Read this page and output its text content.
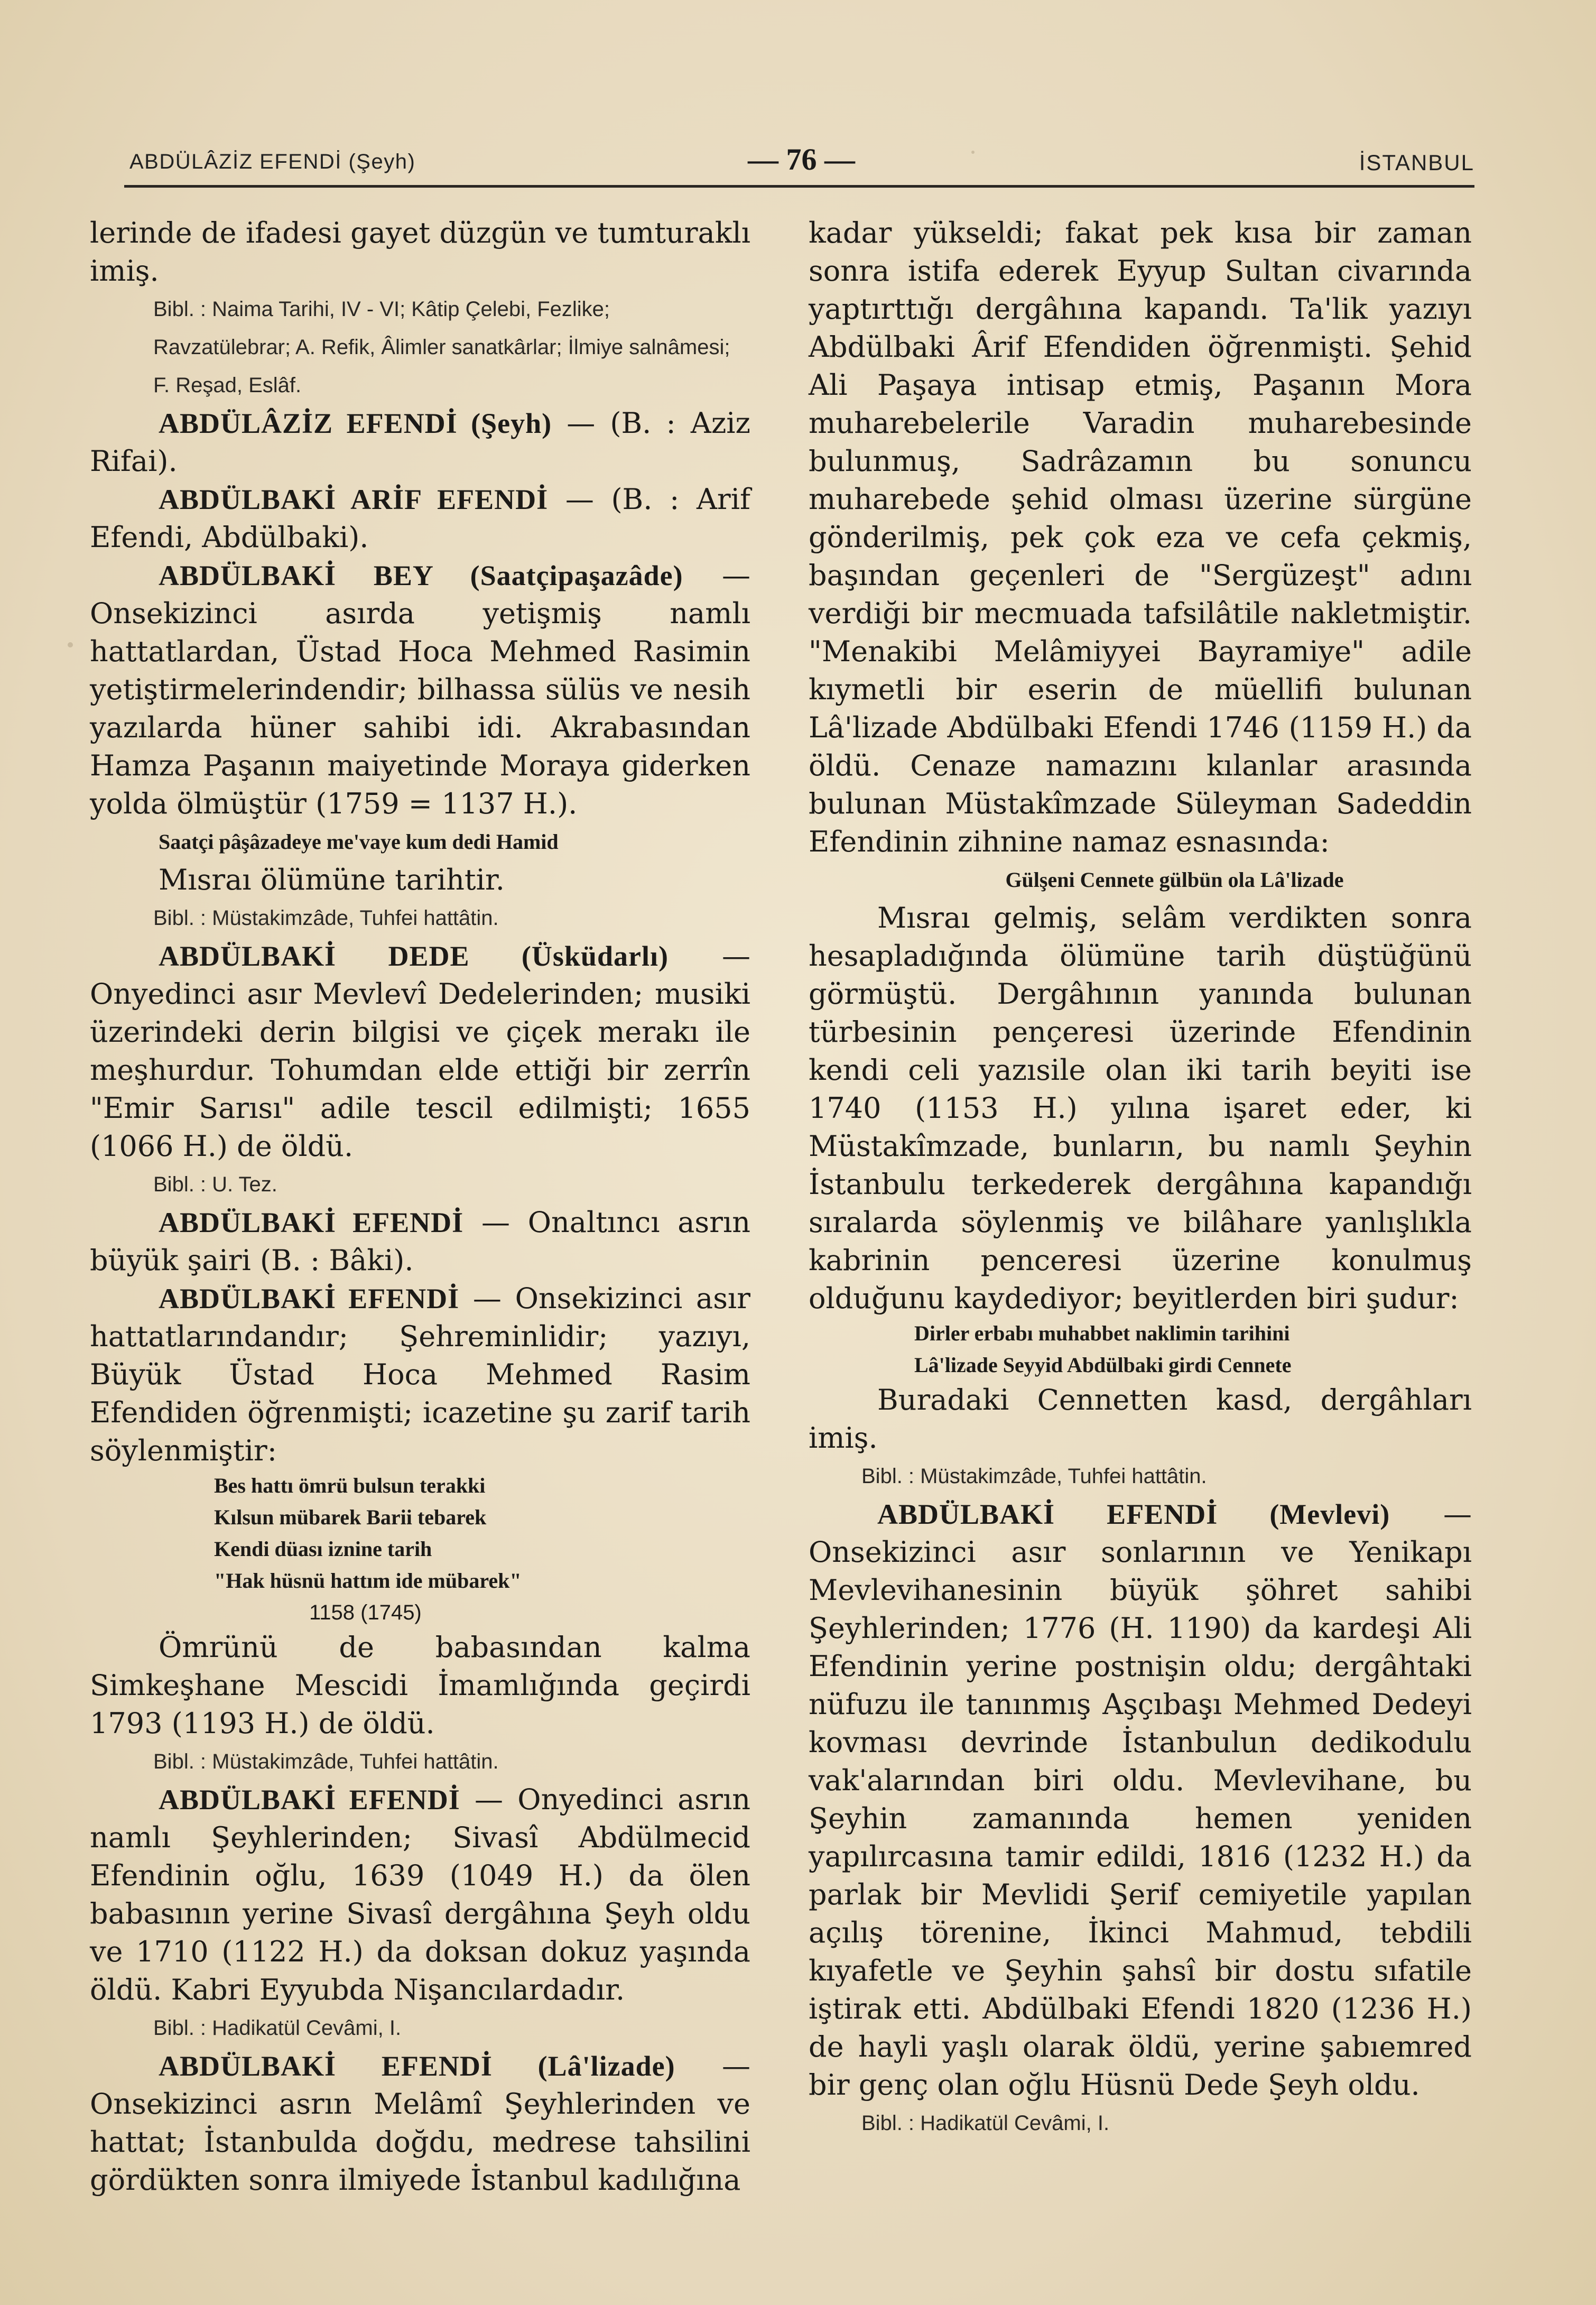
ABDÜLÂZİZ EFENDİ (Şeyh)	— 76 —	İSTANBUL

lerinde de ifadesi gayet düzgün ve tumturaklı imiş.

Bibl. : Naima Tarihi, IV - VI; Kâtip Çelebi, Fezlike; Ravzatülebrar; A. Refik, Âlimler sanatkârlar; İlmiye salnâmesi; F. Reşad, Eslâf.

ABDÜLÂZİZ EFENDİ (Şeyh) — (B. : Aziz Rifai).

ABDÜLBAKİ ARİF EFENDİ — (B. : Arif Efendi, Abdülbaki).

ABDÜLBAKİ BEY (Saatçipaşazâde) — Onsekizinci asırda yetişmiş namlı hattatlardan, Üstad Hoca Mehmed Rasimin yetiştirmelerindendir; bilhassa sülüs ve nesih yazılarda hüner sahibi idi. Akrabasından Hamza Paşanın maiyetinde Moraya giderken yolda ölmüştür (1759 = 1137 H.).

Saatçi pâşâzadeye me'vaye kum dedi Hamid

Mısraı ölümüne tarihtir.

Bibl. : Müstakimzâde, Tuhfei hattâtin.

ABDÜLBAKİ DEDE (Üsküdarlı) — Onyedinci asır Mevlevî Dedelerinden; musiki üzerindeki derin bilgisi ve çiçek merakı ile meşhurdur. Tohumdan elde ettiği bir zerrîn "Emir Sarısı" adile tescil edilmişti; 1655 (1066 H.) de öldü.

Bibl. : U. Tez.

ABDÜLBAKİ EFENDİ — Onaltıncı asrın büyük şairi (B. : Bâki).

ABDÜLBAKİ EFENDİ — Onsekizinci asır hattatlarındandır; Şehreminlidir; yazıyı, Büyük Üstad Hoca Mehmed Rasim Efendiden öğrenmişti; icazetine şu zarif tarih söylenmiştir:

Bes hattı ömrü bulsun terakki
Kılsun mübarek Barii tebarek
Kendi düası iznine tarih
"Hak hüsnü hattım ide mübarek"
1158 (1745)

Ömrünü de babasından kalma Simkeşhane Mescidi İmamlığında geçirdi 1793 (1193 H.) de öldü.

Bibl. : Müstakimzâde, Tuhfei hattâtin.

ABDÜLBAKİ EFENDİ — Onyedinci asrın namlı Şeyhlerinden; Sivasî Abdülmecid Efendinin oğlu, 1639 (1049 H.) da ölen babasının yerine Sivasî dergâhına Şeyh oldu ve 1710 (1122 H.) da doksan dokuz yaşında öldü. Kabri Eyyubda Nişancılardadır.

Bibl. : Hadikatül Cevâmi, I.

ABDÜLBAKİ EFENDİ (Lâ'lizade) — Onsekizinci asrın Melâmî Şeyhlerinden ve hattat; İstanbulda doğdu, medrese tahsilini gördükten sonra ilmiyede İstanbul kadılığına

kadar yükseldi; fakat pek kısa bir zaman sonra istifa ederek Eyyup Sultan civarında yaptırttığı dergâhına kapandı. Ta'lik yazıyı Abdülbaki Ârif Efendiden öğrenmişti. Şehid Ali Paşaya intisap etmiş, Paşanın Mora muharebelerile Varadin muharebesinde bulunmuş, Sadrâzamın bu sonuncu muharebede şehid olması üzerine sürgüne gönderilmiş, pek çok eza ve cefa çekmiş, başından geçenleri de "Sergüzeşt" adını verdiği bir mecmuada tafsilâtile nakletmiştir. "Menakibi Melâmiyyei Bayramiye" adile kıymetli bir eserin de müellifi bulunan Lâ'lizade Abdülbaki Efendi 1746 (1159 H.) da öldü. Cenaze namazını kılanlar arasında bulunan Müstakîmzade Süleyman Sadeddin Efendinin zihnine namaz esnasında:

Gülşeni Cennete gülbün ola Lâ'lizade

Mısraı gelmiş, selâm verdikten sonra hesapladığında ölümüne tarih düştüğünü görmüştü. Dergâhının yanında bulunan türbesinin pençeresi üzerinde Efendinin kendi celi yazısile olan iki tarih beyiti ise 1740 (1153 H.) yılına işaret eder, ki Müstakîmzade, bunların, bu namlı Şeyhin İstanbulu terkederek dergâhına kapandığı sıralarda söylenmiş ve bilâhare yanlışlıkla kabrinin penceresi üzerine konulmuş olduğunu kaydediyor; beyitlerden biri şudur:

Dirler erbabı muhabbet naklimin tarihini
Lâ'lizade Seyyid Abdülbaki girdi Cennete

Buradaki Cennetten kasd, dergâhları imiş.

Bibl. : Müstakimzâde, Tuhfei hattâtin.

ABDÜLBAKİ EFENDİ (Mevlevi) — Onsekizinci asır sonlarının ve Yenikapı Mevlevihanesinin büyük şöhret sahibi Şeyhlerinden; 1776 (H. 1190) da kardeşi Ali Efendinin yerine postnişin oldu; dergâhtaki nüfuzu ile tanınmış Aşçıbaşı Mehmed Dedeyi kovması devrinde İstanbulun dedikodulu vak'alarından biri oldu. Mevlevihane, bu Şeyhin zamanında hemen yeniden yapılırcasına tamir edildi, 1816 (1232 H.) da parlak bir Mevlidi Şerif cemiyetile yapılan açılış törenine, İkinci Mahmud, tebdili kıyafetle ve Şeyhin şahsî bir dostu sıfatile iştirak etti. Abdülbaki Efendi 1820 (1236 H.) de hayli yaşlı olarak öldü, yerine şabıemred bir genç olan oğlu Hüsnü Dede Şeyh oldu.

Bibl. : Hadikatül Cevâmi, I.
